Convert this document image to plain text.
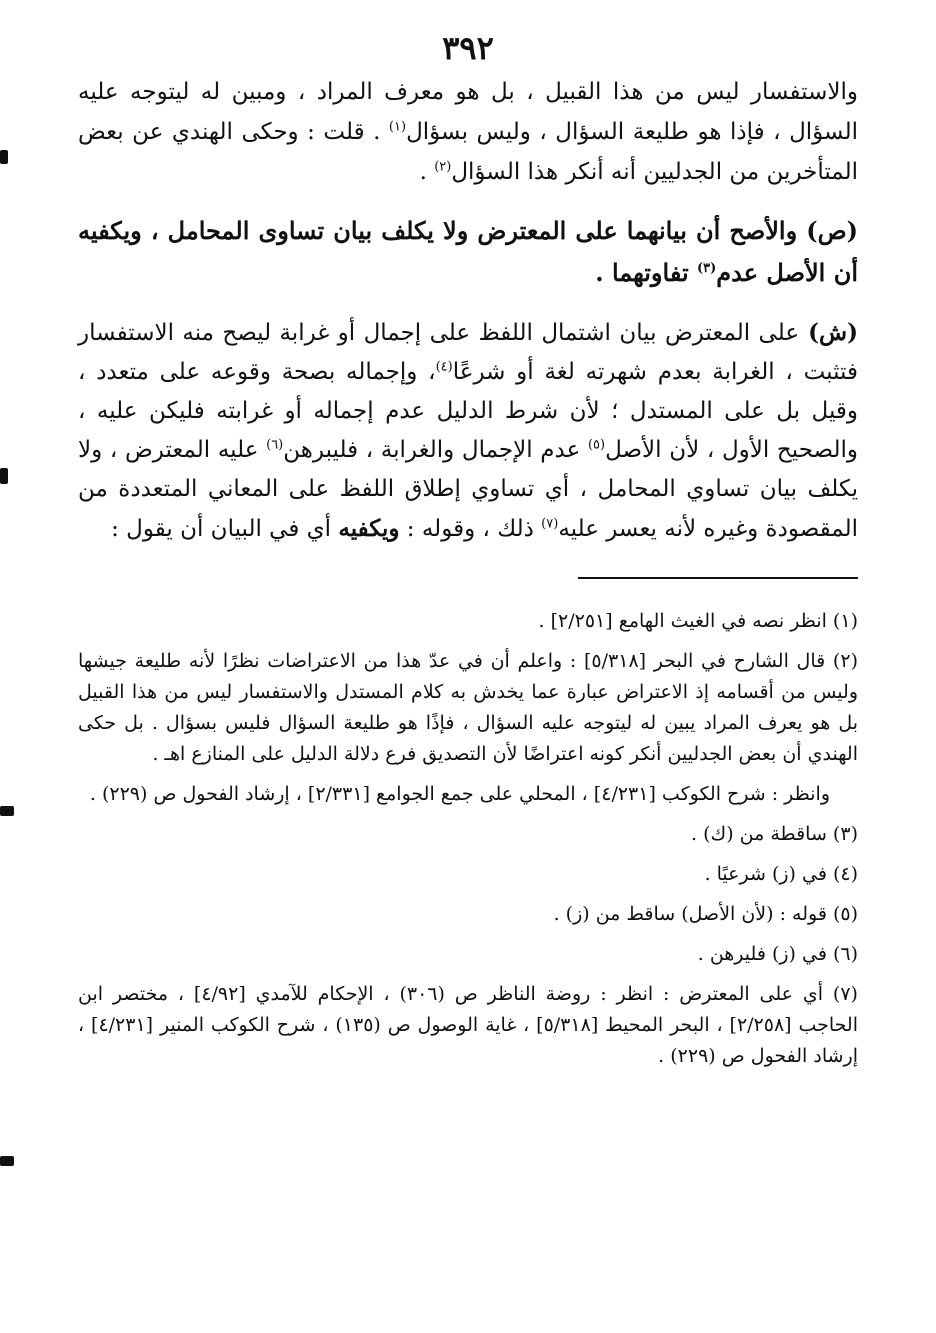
٣٩٢

والاستفسار ليس من هذا القبيل ، بل هو معرف المراد ، ومبين له ليتوجه عليه السؤال ، فإذا هو طليعة السؤال ، وليس بسؤال$^{(١)}$ . قلت : وحكى الهندي عن بعض المتأخرين من الجدليين أنه أنكر هذا السؤال$^{(٢)}$ .

(ص) والأصح أن بيانهما على المعترض ولا يكلف بيان تساوى المحامل ، ويكفيه أن الأصل عدم$^{(٣)}$ تفاوتهما .

(ش) على المعترض بيان اشتمال اللفظ على إجمال أو غرابة ليصح منه الاستفسار فتثبت ، الغرابة بعدم شهرته لغة أو شرعًا$^{(٤)}$، وإجماله بصحة وقوعه على متعدد ، وقيل بل على المستدل ؛ لأن شرط الدليل عدم إجماله أو غرابته فليكن عليه ، والصحيح الأول ، لأن الأصل$^{(٥)}$ عدم الإجمال والغرابة ، فليبرهن$^{(٦)}$ عليه المعترض ، ولا يكلف بيان تساوي المحامل ، أي تساوي إطلاق اللفظ على المعاني المتعددة من المقصودة وغيره لأنه يعسر عليه$^{(٧)}$ ذلك ، وقوله : ويكفيه أي في البيان أن يقول :

(١) انظر نصه في الغيث الهامع [٢/٢٥١] .

(٢) قال الشارح في البحر [٥/٣١٨] : واعلم أن في عدّ هذا من الاعتراضات نظرًا لأنه طليعة جيشها وليس من أقسامه إذ الاعتراض عبارة عما يخدش به كلام المستدل والاستفسار ليس من هذا القبيل بل هو يعرف المراد يبين له ليتوجه عليه السؤال ، فإذًا هو طليعة السؤال فليس بسؤال . بل حكى الهندي أن بعض الجدليين أنكر كونه اعتراضًا لأن التصديق فرع دلالة الدليل على المنازع اهـ .

وانظر : شرح الكوكب [٤/٢٣١] ، المحلي على جمع الجوامع [٢/٣٣١] ، إرشاد الفحول ص (٢٢٩) .

(٣) ساقطة من (ك) .

(٤) في (ز) شرعيًا .

(٥) قوله : (لأن الأصل) ساقط من (ز) .

(٦) في (ز) فليرهن .

(٧) أي على المعترض : انظر : روضة الناظر ص (٣٠٦) ، الإحكام للآمدي [٤/٩٢] ، مختصر ابن الحاجب [٢/٢٥٨] ، البحر المحيط [٥/٣١٨] ، غاية الوصول ص (١٣٥) ، شرح الكوكب المنير [٤/٢٣١] ، إرشاد الفحول ص (٢٢٩) .
